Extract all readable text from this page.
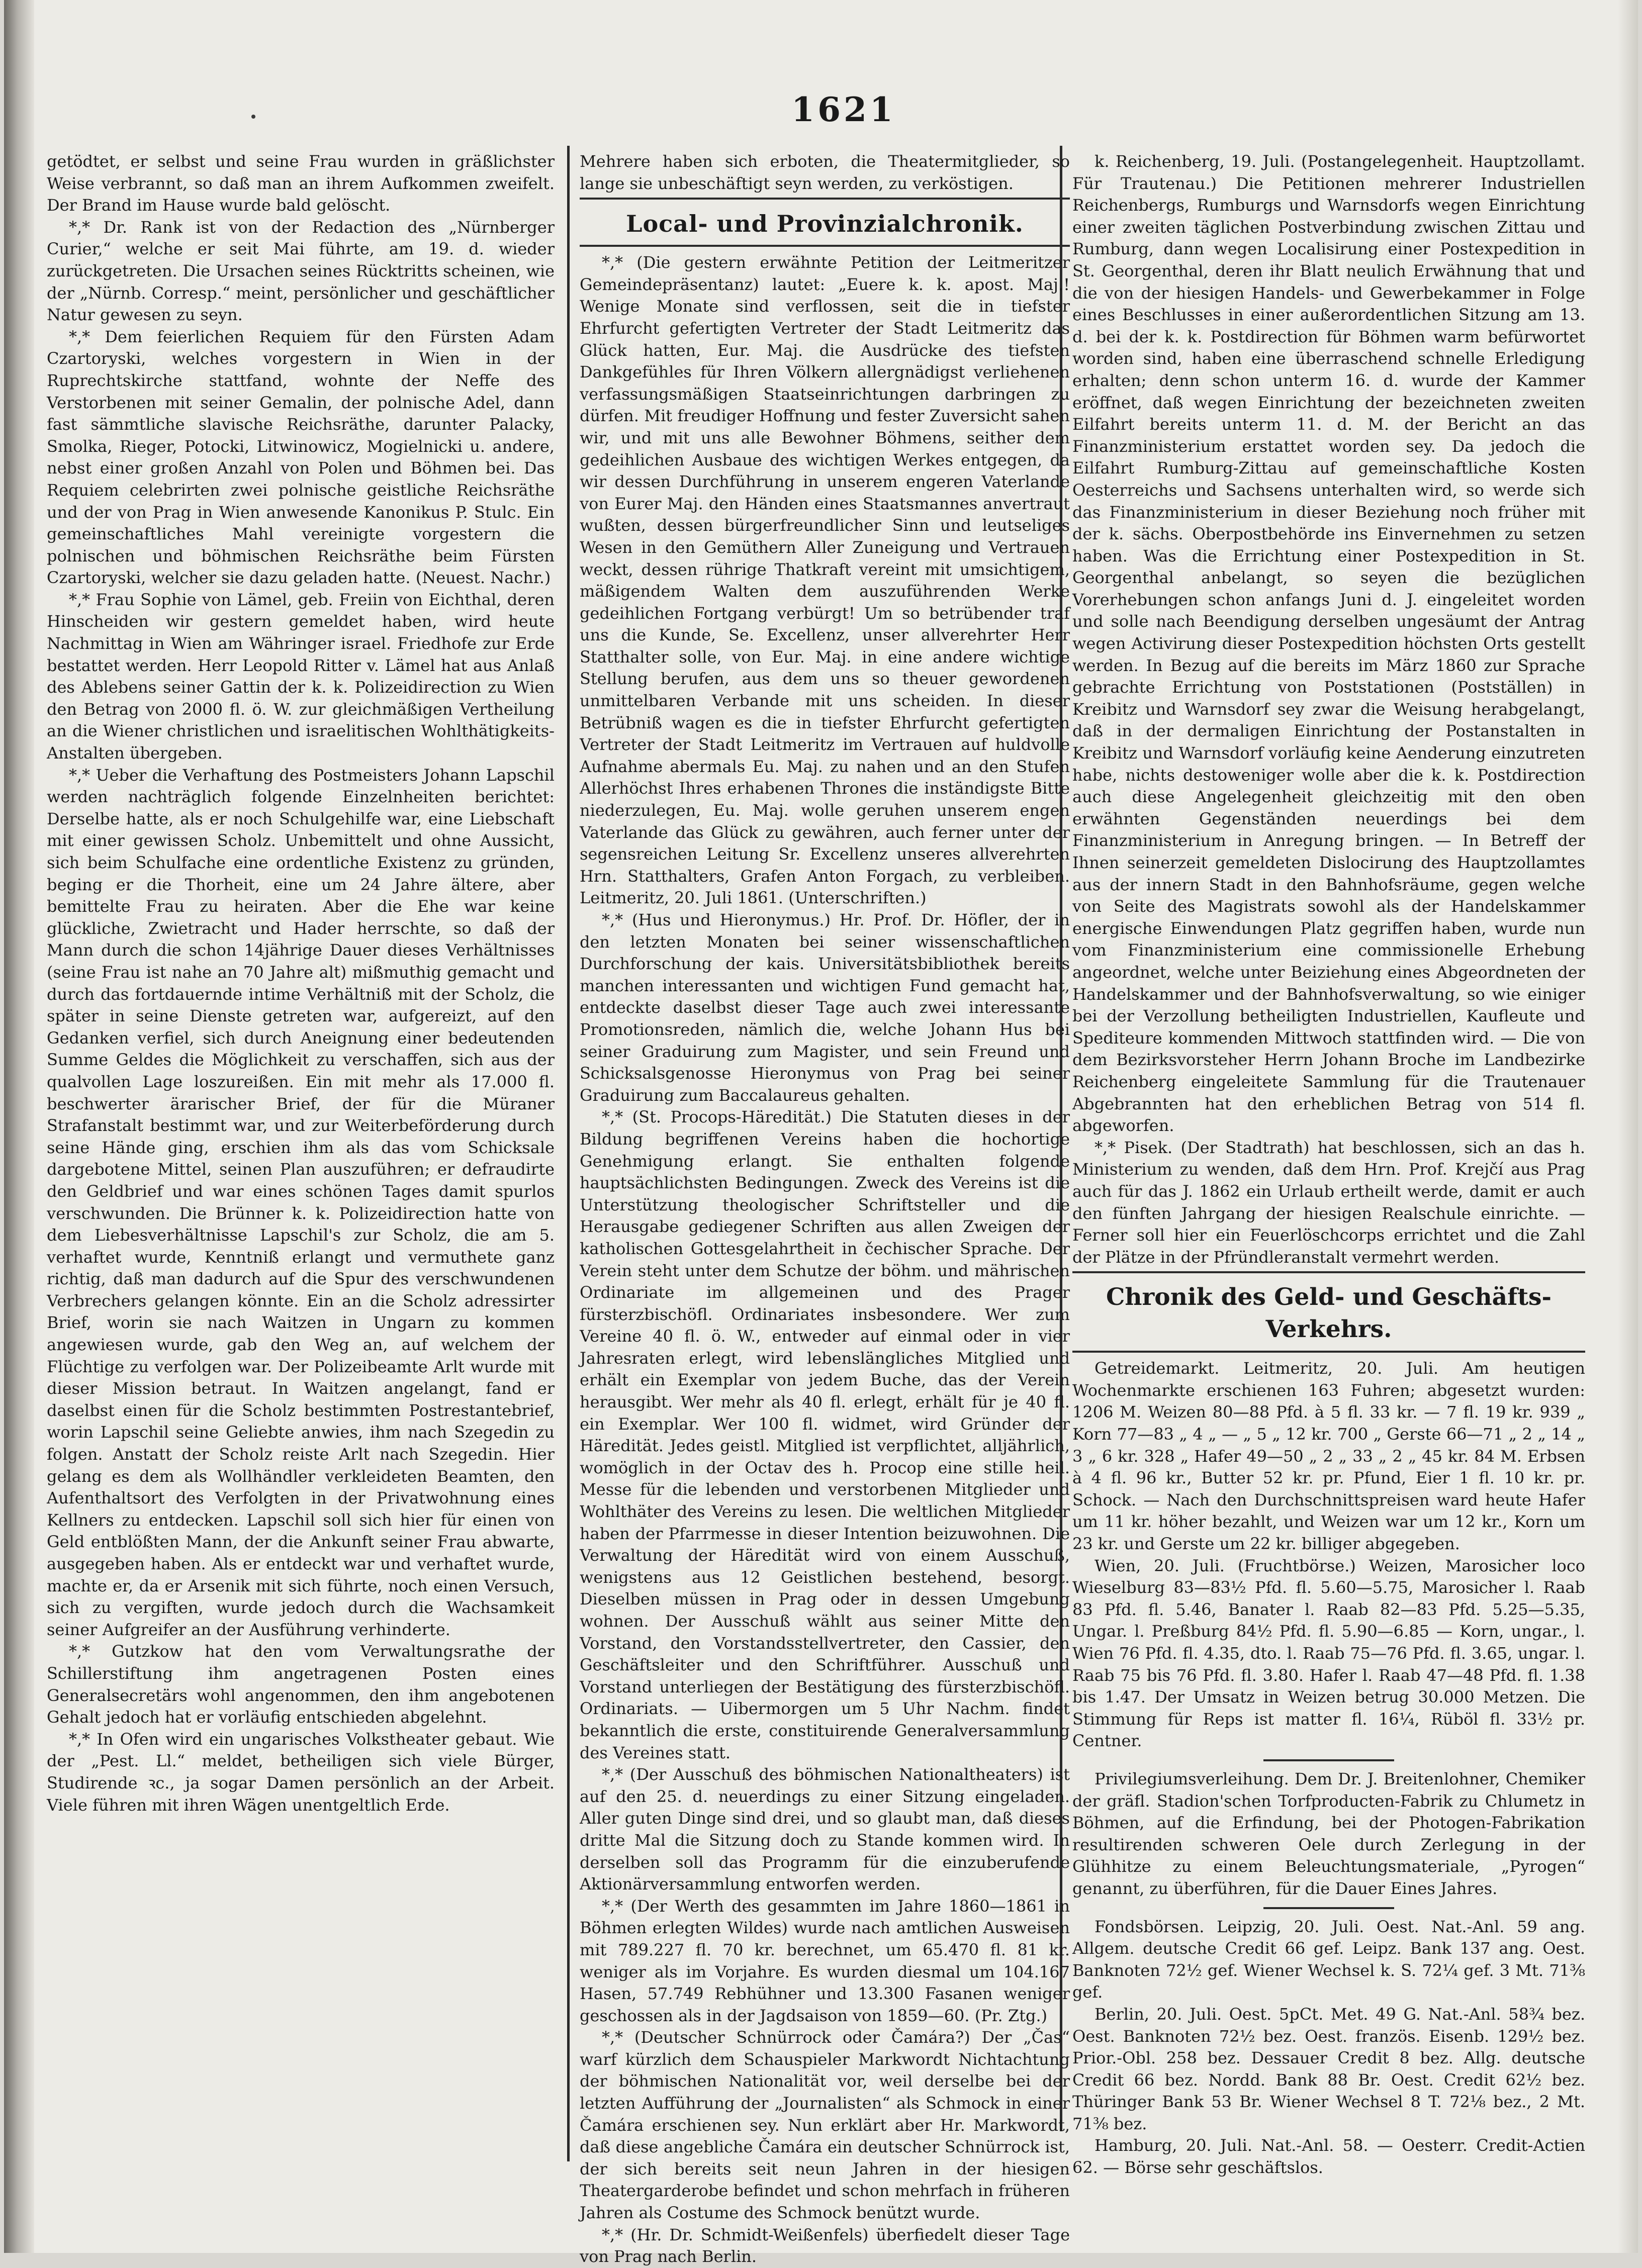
1621

getödtet, er selbst und seine Frau wurden in gräßlichster Weise verbrannt, so daß man an ihrem Aufkommen zweifelt. Der Brand im Hause wurde bald gelöscht.

*,* Dr. Rank ist von der Redaction des „Nürnberger Curier,“ welche er seit Mai führte, am 19. d. wieder zurückgetreten. Die Ursachen seines Rücktritts scheinen, wie der „Nürnb. Corresp.“ meint, persönlicher und geschäftlicher Natur gewesen zu seyn.

*,* Dem feierlichen Requiem für den Fürsten Adam Czartoryski, welches vorgestern in Wien in der Ruprechtskirche stattfand, wohnte der Neffe des Verstorbenen mit seiner Gemalin, der polnische Adel, dann fast sämmtliche slavische Reichsräthe, darunter Palacky, Smolka, Rieger, Potocki, Litwinowicz, Mogielnicki u. andere, nebst einer großen Anzahl von Polen und Böhmen bei. Das Requiem celebrirten zwei polnische geistliche Reichsräthe und der von Prag in Wien anwesende Kanonikus P. Stulc. Ein gemeinschaftliches Mahl vereinigte vorgestern die polnischen und böhmischen Reichsräthe beim Fürsten Czartoryski, welcher sie dazu geladen hatte. (Neuest. Nachr.)

*,* Frau Sophie von Lämel, geb. Freiin von Eichthal, deren Hinscheiden wir gestern gemeldet haben, wird heute Nachmittag in Wien am Währinger israel. Friedhofe zur Erde bestattet werden. Herr Leopold Ritter v. Lämel hat aus Anlaß des Ablebens seiner Gattin der k. k. Polizeidirection zu Wien den Betrag von 2000 fl. ö. W. zur gleichmäßigen Vertheilung an die Wiener christlichen und israelitischen Wohlthätigkeits-Anstalten übergeben.

*,* Ueber die Verhaftung des Postmeisters Johann Lapschil werden nachträglich folgende Einzelnheiten berichtet: Derselbe hatte, als er noch Schulgehilfe war, eine Liebschaft mit einer gewissen Scholz. Unbemittelt und ohne Aussicht, sich beim Schulfache eine ordentliche Existenz zu gründen, beging er die Thorheit, eine um 24 Jahre ältere, aber bemittelte Frau zu heiraten. Aber die Ehe war keine glückliche, Zwietracht und Hader herrschte, so daß der Mann durch die schon 14jährige Dauer dieses Verhältnisses (seine Frau ist nahe an 70 Jahre alt) mißmuthig gemacht und durch das fortdauernde intime Verhältniß mit der Scholz, die später in seine Dienste getreten war, aufgereizt, auf den Gedanken verfiel, sich durch Aneignung einer bedeutenden Summe Geldes die Möglichkeit zu verschaffen, sich aus der qualvollen Lage loszureißen. Ein mit mehr als 17.000 fl. beschwerter ärarischer Brief, der für die Müraner Strafanstalt bestimmt war, und zur Weiterbeförderung durch seine Hände ging, erschien ihm als das vom Schicksale dargebotene Mittel, seinen Plan auszuführen; er defraudirte den Geldbrief und war eines schönen Tages damit spurlos verschwunden. Die Brünner k. k. Polizeidirection hatte von dem Liebesverhältnisse Lapschil's zur Scholz, die am 5. verhaftet wurde, Kenntniß erlangt und vermuthete ganz richtig, daß man dadurch auf die Spur des verschwundenen Verbrechers gelangen könnte. Ein an die Scholz adressirter Brief, worin sie nach Waitzen in Ungarn zu kommen angewiesen wurde, gab den Weg an, auf welchem der Flüchtige zu verfolgen war. Der Polizeibeamte Arlt wurde mit dieser Mission betraut. In Waitzen angelangt, fand er daselbst einen für die Scholz bestimmten Postrestantebrief, worin Lapschil seine Geliebte anwies, ihm nach Szegedin zu folgen. Anstatt der Scholz reiste Arlt nach Szegedin. Hier gelang es dem als Wollhändler verkleideten Beamten, den Aufenthaltsort des Verfolgten in der Privatwohnung eines Kellners zu entdecken. Lapschil soll sich hier für einen von Geld entblößten Mann, der die Ankunft seiner Frau abwarte, ausgegeben haben. Als er entdeckt war und verhaftet wurde, machte er, da er Arsenik mit sich führte, noch einen Versuch, sich zu vergiften, wurde jedoch durch die Wachsamkeit seiner Aufgreifer an der Ausführung verhinderte.

*,* Gutzkow hat den vom Verwaltungsrathe der Schillerstiftung ihm angetragenen Posten eines Generalsecretärs wohl angenommen, den ihm angebotenen Gehalt jedoch hat er vorläufig entschieden abgelehnt.

*,* In Ofen wird ein ungarisches Volkstheater gebaut. Wie der „Pest. Ll.“ meldet, betheiligen sich viele Bürger, Studirende ꝛc., ja sogar Damen persönlich an der Arbeit. Viele führen mit ihren Wägen unentgeltlich Erde.

Mehrere haben sich erboten, die Theatermitglieder, so lange sie unbeschäftigt seyn werden, zu verköstigen.

Local- und Provinzialchronik.

*,* (Die gestern erwähnte Petition der Leitmeritzer Gemeindepräsentanz) lautet: „Euere k. k. apost. Maj.! Wenige Monate sind verflossen, seit die in tiefster Ehrfurcht gefertigten Vertreter der Stadt Leitmeritz das Glück hatten, Eur. Maj. die Ausdrücke des tiefsten Dankgefühles für Ihren Völkern allergnädigst verliehenen verfassungsmäßigen Staatseinrichtungen darbringen zu dürfen. Mit freudiger Hoffnung und fester Zuversicht sahen wir, und mit uns alle Bewohner Böhmens, seither dem gedeihlichen Ausbaue des wichtigen Werkes entgegen, da wir dessen Durchführung in unserem engeren Vaterlande von Eurer Maj. den Händen eines Staatsmannes anvertraut wußten, dessen bürgerfreundlicher Sinn und leutseliges Wesen in den Gemüthern Aller Zuneigung und Vertrauen weckt, dessen rührige Thatkraft vereint mit umsichtigem, mäßigendem Walten dem auszuführenden Werke gedeihlichen Fortgang verbürgt! Um so betrübender traf uns die Kunde, Se. Excellenz, unser allverehrter Herr Statthalter solle, von Eur. Maj. in eine andere wichtige Stellung berufen, aus dem uns so theuer gewordenen unmittelbaren Verbande mit uns scheiden. In dieser Betrübniß wagen es die in tiefster Ehrfurcht gefertigten Vertreter der Stadt Leitmeritz im Vertrauen auf huldvolle Aufnahme abermals Eu. Maj. zu nahen und an den Stufen Allerhöchst Ihres erhabenen Thrones die inständigste Bitte niederzulegen, Eu. Maj. wolle geruhen unserem engen Vaterlande das Glück zu gewähren, auch ferner unter der segensreichen Leitung Sr. Excellenz unseres allverehrten Hrn. Statthalters, Grafen Anton Forgach, zu verbleiben. Leitmeritz, 20. Juli 1861. (Unterschriften.)

*,* (Hus und Hieronymus.) Hr. Prof. Dr. Höfler, der in den letzten Monaten bei seiner wissenschaftlichen Durchforschung der kais. Universitätsbibliothek bereits manchen interessanten und wichtigen Fund gemacht hat, entdeckte daselbst dieser Tage auch zwei interessante Promotionsreden, nämlich die, welche Johann Hus bei seiner Graduirung zum Magister, und sein Freund und Schicksalsgenosse Hieronymus von Prag bei seiner Graduirung zum Baccalaureus gehalten.

*,* (St. Procops-Häredität.) Die Statuten dieses in der Bildung begriffenen Vereins haben die hochortige Genehmigung erlangt. Sie enthalten folgende hauptsächlichsten Bedingungen. Zweck des Vereins ist die Unterstützung theologischer Schriftsteller und die Herausgabe gediegener Schriften aus allen Zweigen der katholischen Gottesgelahrtheit in čechischer Sprache. Der Verein steht unter dem Schutze der böhm. und mährischen Ordinariate im allgemeinen und des Prager fürsterzbischöfl. Ordinariates insbesondere. Wer zum Vereine 40 fl. ö. W., entweder auf einmal oder in vier Jahresraten erlegt, wird lebenslängliches Mitglied und erhält ein Exemplar von jedem Buche, das der Verein herausgibt. Wer mehr als 40 fl. erlegt, erhält für je 40 fl. ein Exemplar. Wer 100 fl. widmet, wird Gründer der Häredität. Jedes geistl. Mitglied ist verpflichtet, alljährlich, womöglich in der Octav des h. Procop eine stille heil. Messe für die lebenden und verstorbenen Mitglieder und Wohlthäter des Vereins zu lesen. Die weltlichen Mitglieder haben der Pfarrmesse in dieser Intention beizuwohnen. Die Verwaltung der Häredität wird von einem Ausschuß, wenigstens aus 12 Geistlichen bestehend, besorgt. Dieselben müssen in Prag oder in dessen Umgebung wohnen. Der Ausschuß wählt aus seiner Mitte den Vorstand, den Vorstandsstellvertreter, den Cassier, den Geschäftsleiter und den Schriftführer. Ausschuß und Vorstand unterliegen der Bestätigung des fürsterzbischöfl. Ordinariats. — Uibermorgen um 5 Uhr Nachm. findet bekanntlich die erste, constituirende Generalversammlung des Vereines statt.

*,* (Der Ausschuß des böhmischen Nationaltheaters) ist auf den 25. d. neuerdings zu einer Sitzung eingeladen. Aller guten Dinge sind drei, und so glaubt man, daß dieses dritte Mal die Sitzung doch zu Stande kommen wird. In derselben soll das Programm für die einzuberufende Aktionärversammlung entworfen werden.

*,* (Der Werth des gesammten im Jahre 1860—1861 in Böhmen erlegten Wildes) wurde nach amtlichen Ausweisen mit 789.227 fl. 70 kr. berechnet, um 65.470 fl. 81 kr. weniger als im Vorjahre. Es wurden diesmal um 104.167 Hasen, 57.749 Rebhühner und 13.300 Fasanen weniger geschossen als in der Jagdsaison von 1859—60. (Pr. Ztg.)

*,* (Deutscher Schnürrock oder Čamára?) Der „Čas“ warf kürzlich dem Schauspieler Markwordt Nichtachtung der böhmischen Nationalität vor, weil derselbe bei der letzten Aufführung der „Journalisten“ als Schmock in einer Čamára erschienen sey. Nun erklärt aber Hr. Markwordt, daß diese angebliche Čamára ein deutscher Schnürrock ist, der sich bereits seit neun Jahren in der hiesigen Theatergarderobe befindet und schon mehrfach in früheren Jahren als Costume des Schmock benützt wurde.

*,* (Hr. Dr. Schmidt-Weißenfels) überfiedelt dieser Tage von Prag nach Berlin.

k. Reichenberg, 19. Juli. (Postangelegenheit. Hauptzollamt. Für Trautenau.) Die Petitionen mehrerer Industriellen Reichenbergs, Rumburgs und Warnsdorfs wegen Einrichtung einer zweiten täglichen Postverbindung zwischen Zittau und Rumburg, dann wegen Localisirung einer Postexpedition in St. Georgenthal, deren ihr Blatt neulich Erwähnung that und die von der hiesigen Handels- und Gewerbekammer in Folge eines Beschlusses in einer außerordentlichen Sitzung am 13. d. bei der k. k. Postdirection für Böhmen warm befürwortet worden sind, haben eine überraschend schnelle Erledigung erhalten; denn schon unterm 16. d. wurde der Kammer eröffnet, daß wegen Einrichtung der bezeichneten zweiten Eilfahrt bereits unterm 11. d. M. der Bericht an das Finanzministerium erstattet worden sey. Da jedoch die Eilfahrt Rumburg-Zittau auf gemeinschaftliche Kosten Oesterreichs und Sachsens unterhalten wird, so werde sich das Finanzministerium in dieser Beziehung noch früher mit der k. sächs. Oberpostbehörde ins Einvernehmen zu setzen haben. Was die Errichtung einer Postexpedition in St. Georgenthal anbelangt, so seyen die bezüglichen Vorerhebungen schon anfangs Juni d. J. eingeleitet worden und solle nach Beendigung derselben ungesäumt der Antrag wegen Activirung dieser Postexpedition höchsten Orts gestellt werden. In Bezug auf die bereits im März 1860 zur Sprache gebrachte Errichtung von Poststationen (Postställen) in Kreibitz und Warnsdorf sey zwar die Weisung herabgelangt, daß in der dermaligen Einrichtung der Postanstalten in Kreibitz und Warnsdorf vorläufig keine Aenderung einzutreten habe, nichts destoweniger wolle aber die k. k. Postdirection auch diese Angelegenheit gleichzeitig mit den oben erwähnten Gegenständen neuerdings bei dem Finanzministerium in Anregung bringen. — In Betreff der Ihnen seinerzeit gemeldeten Dislocirung des Hauptzollamtes aus der innern Stadt in den Bahnhofsräume, gegen welche von Seite des Magistrats sowohl als der Handelskammer energische Einwendungen Platz gegriffen haben, wurde nun vom Finanzministerium eine commissionelle Erhebung angeordnet, welche unter Beiziehung eines Abgeordneten der Handelskammer und der Bahnhofsverwaltung, so wie einiger bei der Verzollung betheiligten Industriellen, Kaufleute und Spediteure kommenden Mittwoch stattfinden wird. — Die von dem Bezirksvorsteher Herrn Johann Broche im Landbezirke Reichenberg eingeleitete Sammlung für die Trautenauer Abgebrannten hat den erheblichen Betrag von 514 fl. abgeworfen.

*,* Pisek. (Der Stadtrath) hat beschlossen, sich an das h. Ministerium zu wenden, daß dem Hrn. Prof. Krejčí aus Prag auch für das J. 1862 ein Urlaub ertheilt werde, damit er auch den fünften Jahrgang der hiesigen Realschule einrichte. — Ferner soll hier ein Feuerlöschcorps errichtet und die Zahl der Plätze in der Pfründleranstalt vermehrt werden.

Chronik des Geld- und Geschäfts-Verkehrs.

Getreidemarkt. Leitmeritz, 20. Juli. Am heutigen Wochenmarkte erschienen 163 Fuhren; abgesetzt wurden: 1206 M. Weizen 80—88 Pfd. à 5 fl. 33 kr. — 7 fl. 19 kr. 939 „ Korn 77—83 „ 4 „ — „ 5 „ 12 kr. 700 „ Gerste 66—71 „ 2 „ 14 „ 3 „ 6 kr. 328 „ Hafer 49—50 „ 2 „ 33 „ 2 „ 45 kr. 84 M. Erbsen à 4 fl. 96 kr., Butter 52 kr. pr. Pfund, Eier 1 fl. 10 kr. pr. Schock. — Nach den Durchschnittspreisen ward heute Hafer um 11 kr. höher bezahlt, und Weizen war um 12 kr., Korn um 23 kr. und Gerste um 22 kr. billiger abgegeben.

Wien, 20. Juli. (Fruchtbörse.) Weizen, Marosicher loco Wieselburg 83—83½ Pfd. fl. 5.60—5.75, Marosicher l. Raab 83 Pfd. fl. 5.46, Banater l. Raab 82—83 Pfd. 5.25—5.35, Ungar. l. Preßburg 84½ Pfd. fl. 5.90—6.85 — Korn, ungar., l. Wien 76 Pfd. fl. 4.35, dto. l. Raab 75—76 Pfd. fl. 3.65, ungar. l. Raab 75 bis 76 Pfd. fl. 3.80. Hafer l. Raab 47—48 Pfd. fl. 1.38 bis 1.47. Der Umsatz in Weizen betrug 30.000 Metzen. Die Stimmung für Reps ist matter fl. 16¼, Rüböl fl. 33½ pr. Centner.

Privilegiumsverleihung. Dem Dr. J. Breitenlohner, Chemiker der gräfl. Stadion'schen Torfproducten-Fabrik zu Chlumetz in Böhmen, auf die Erfindung, bei der Photogen-Fabrikation resultirenden schweren Oele durch Zerlegung in der Glühhitze zu einem Beleuchtungsmateriale, „Pyrogen“ genannt, zu überführen, für die Dauer Eines Jahres.

Fondsbörsen. Leipzig, 20. Juli. Oest. Nat.-Anl. 59 ang. Allgem. deutsche Credit 66 gef. Leipz. Bank 137 ang. Oest. Banknoten 72½ gef. Wiener Wechsel k. S. 72¼ gef. 3 Mt. 71⅜ gef.

Berlin, 20. Juli. Oest. 5pCt. Met. 49 G. Nat.-Anl. 58¾ bez. Oest. Banknoten 72½ bez. Oest. französ. Eisenb. 129½ bez. Prior.-Obl. 258 bez. Dessauer Credit 8 bez. Allg. deutsche Credit 66 bez. Nordd. Bank 88 Br. Oest. Credit 62½ bez. Thüringer Bank 53 Br. Wiener Wechsel 8 T. 72⅛ bez., 2 Mt. 71⅜ bez.

Hamburg, 20. Juli. Nat.-Anl. 58. — Oesterr. Credit-Actien 62. — Börse sehr geschäftslos.
